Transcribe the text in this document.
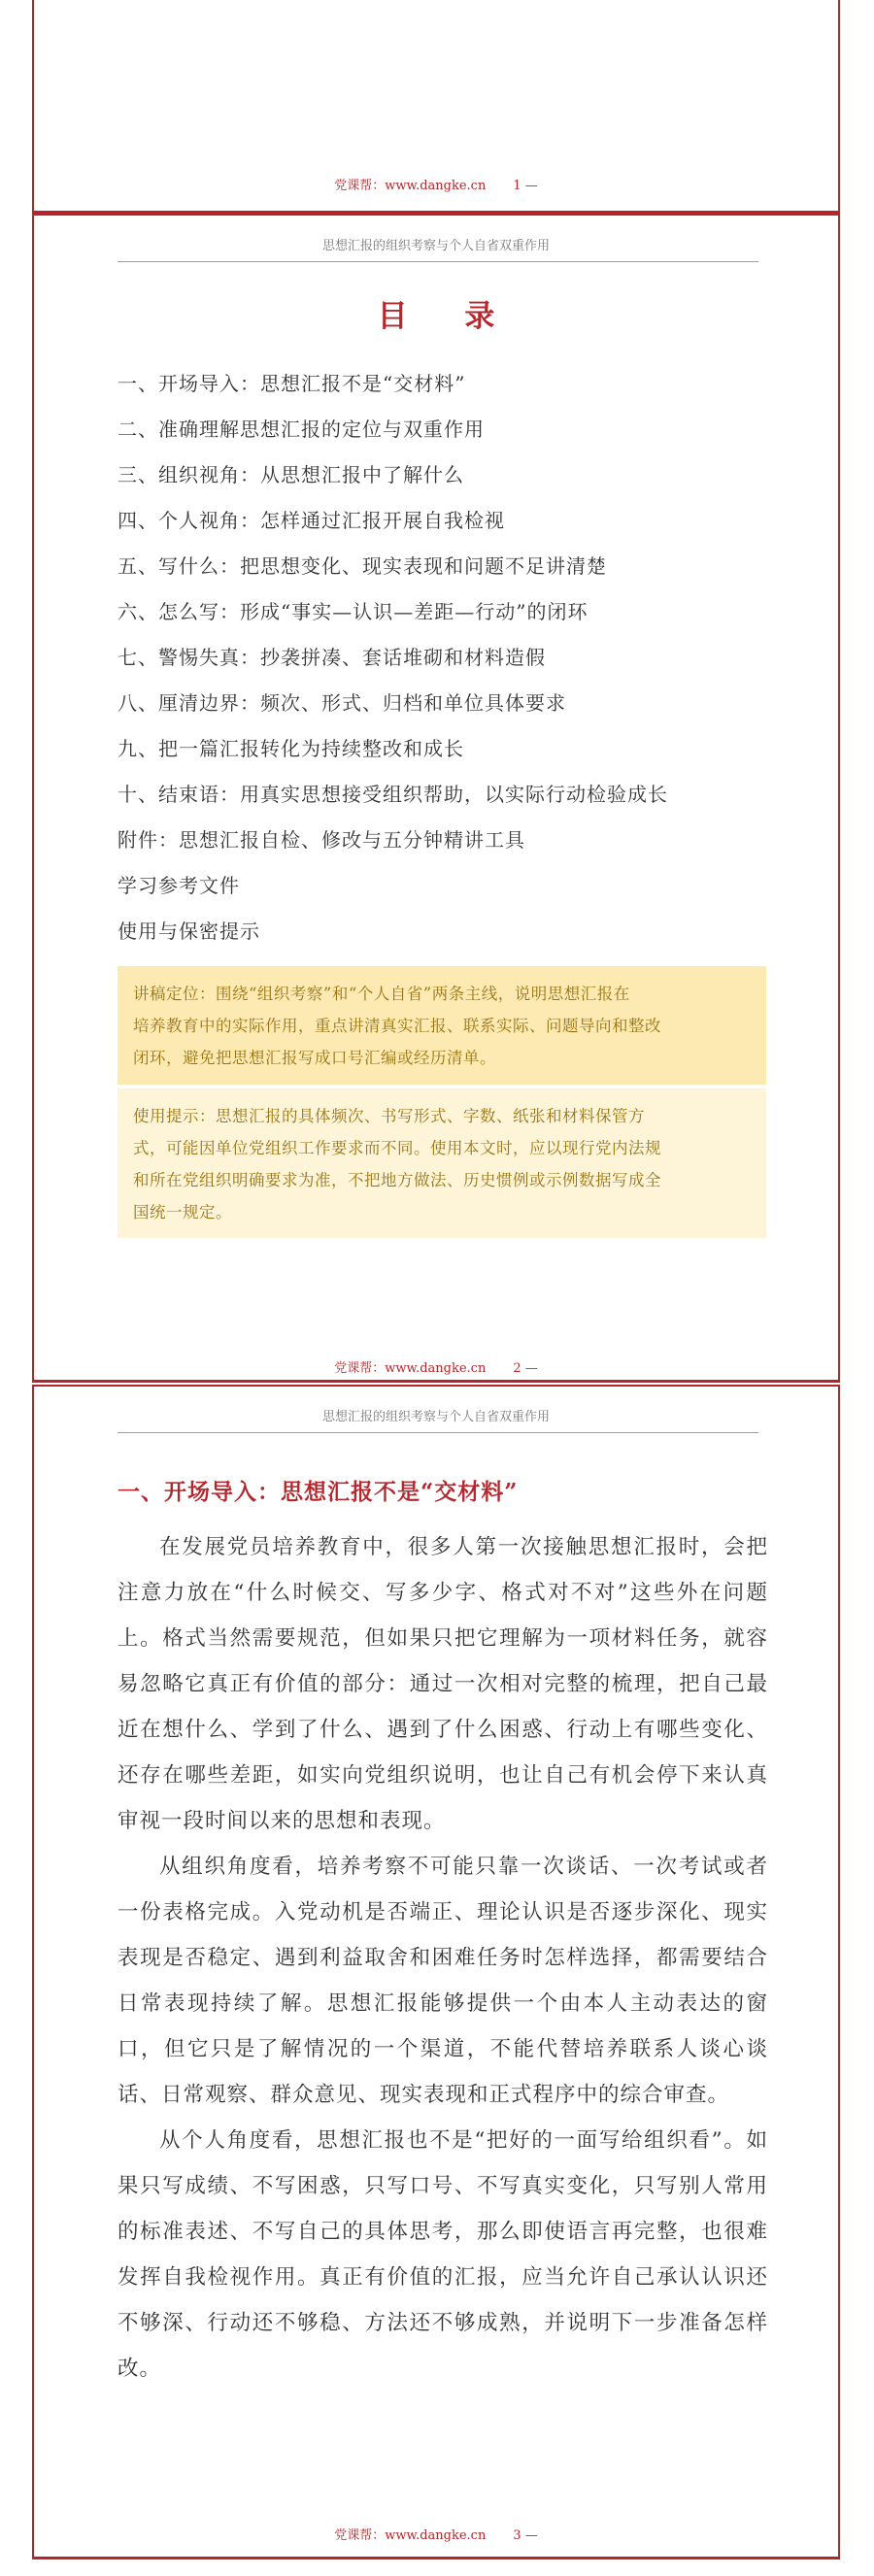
党课帮：www.dangke.cn 1 —
思想汇报的组织考察与个人自省双重作用
目 录
一、开场导入：思想汇报不是“交材料”
二、准确理解思想汇报的定位与双重作用
三、组织视角：从思想汇报中了解什么
四、个人视角：怎样通过汇报开展自我检视
五、写什么：把思想变化、现实表现和问题不足讲清楚
六、怎么写：形成“事实—认识—差距—行动”的闭环
七、警惕失真：抄袭拼凑、套话堆砌和材料造假
八、厘清边界：频次、形式、归档和单位具体要求
九、把一篇汇报转化为持续整改和成长
十、结束语：用真实思想接受组织帮助，以实际行动检验成长
附件：思想汇报自检、修改与五分钟精讲工具
学习参考文件
使用与保密提示
讲稿定位：围绕“组织考察”和“个人自省”两条主线，说明思想汇报在
培养教育中的实际作用，重点讲清真实汇报、联系实际、问题导向和整改
闭环，避免把思想汇报写成口号汇编或经历清单。
使用提示：思想汇报的具体频次、书写形式、字数、纸张和材料保管方
式，可能因单位党组织工作要求而不同。使用本文时，应以现行党内法规
和所在党组织明确要求为准，不把地方做法、历史惯例或示例数据写成全
国统一规定。
党课帮：www.dangke.cn 2 —
思想汇报的组织考察与个人自省双重作用
一、开场导入：思想汇报不是“交材料”

在发展党员培养教育中，很多人第一次接触思想汇报时，会把注意力放在“什么时候交、写多少字、格式对不对”这些外在问题上。格式当然需要规范，但如果只把它理解为一项材料任务，就容易忽略它真正有价值的部分：通过一次相对完整的梳理，把自己最近在想什么、学到了什么、遇到了什么困惑、行动上有哪些变化、还存在哪些差距，如实向党组织说明，也让自己有机会停下来认真审视一段时间以来的思想和表现。

从组织角度看，培养考察不可能只靠一次谈话、一次考试或者一份表格完成。入党动机是否端正、理论认识是否逐步深化、现实表现是否稳定、遇到利益取舍和困难任务时怎样选择，都需要结合日常表现持续了解。思想汇报能够提供一个由本人主动表达的窗口，但它只是了解情况的一个渠道，不能代替培养联系人谈心谈话、日常观察、群众意见、现实表现和正式程序中的综合审查。

从个人角度看，思想汇报也不是“把好的一面写给组织看”。如果只写成绩、不写困惑，只写口号、不写真实变化，只写别人常用的标准表述、不写自己的具体思考，那么即使语言再完整，也很难发挥自我检视作用。真正有价值的汇报，应当允许自己承认认识还不够深、行动还不够稳、方法还不够成熟，并说明下一步准备怎样改。

党课帮：www.dangke.cn 3 —
